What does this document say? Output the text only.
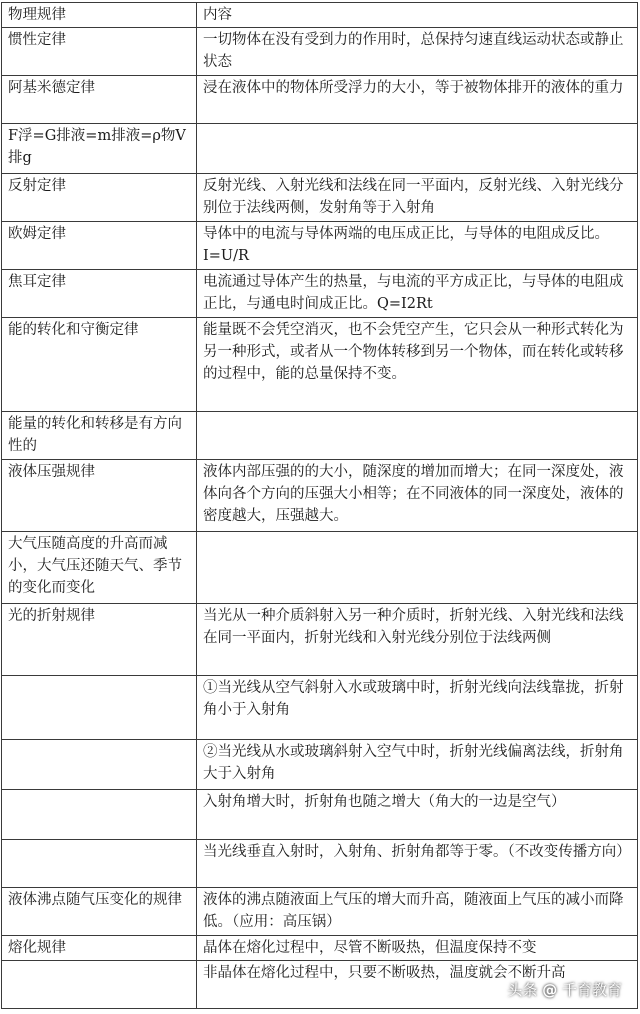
物理规律	内容
惯性定律	一切物体在没有受到力的作用时，总保持匀速直线运动状态或静止状态
阿基米德定律	浸在液体中的物体所受浮力的大小，等于被物体排开的液体的重力
F浮=G排液=m排液=ρ物V排g	
反射定律	反射光线、入射光线和法线在同一平面内，反射光线、入射光线分别位于法线两侧，发射角等于入射角
欧姆定律	导体中的电流与导体两端的电压成正比，与导体的电阻成反比。I=U/R
焦耳定律	电流通过导体产生的热量，与电流的平方成正比，与导体的电阻成正比，与通电时间成正比。Q=I2Rt
能的转化和守衡定律	能量既不会凭空消灭，也不会凭空产生，它只会从一种形式转化为另一种形式，或者从一个物体转移到另一个物体，而在转化或转移的过程中，能的总量保持不变。
能量的转化和转移是有方向性的	
液体压强规律	液体内部压强的的大小，随深度的增加而增大；在同一深度处，液体向各个方向的压强大小相等；在不同液体的同一深度处，液体的密度越大，压强越大。
大气压随高度的升高而减小，大气压还随天气、季节的变化而变化	
光的折射规律	当光从一种介质斜射入另一种介质时，折射光线、入射光线和法线在同一平面内，折射光线和入射光线分别位于法线两侧
	①当光线从空气斜射入水或玻璃中时，折射光线向法线靠拢，折射角小于入射角
	②当光线从水或玻璃斜射入空气中时，折射光线偏离法线，折射角大于入射角
	入射角增大时，折射角也随之增大（角大的一边是空气）
	当光线垂直入射时，入射角、折射角都等于零。（不改变传播方向）
液体沸点随气压变化的规律	液体的沸点随液面上气压的增大而升高，随液面上气压的减小而降低。（应用：高压锅）
熔化规律	晶体在熔化过程中，尽管不断吸热，但温度保持不变
	非晶体在熔化过程中，只要不断吸热，温度就会不断升高
头条 @ 千育教育
